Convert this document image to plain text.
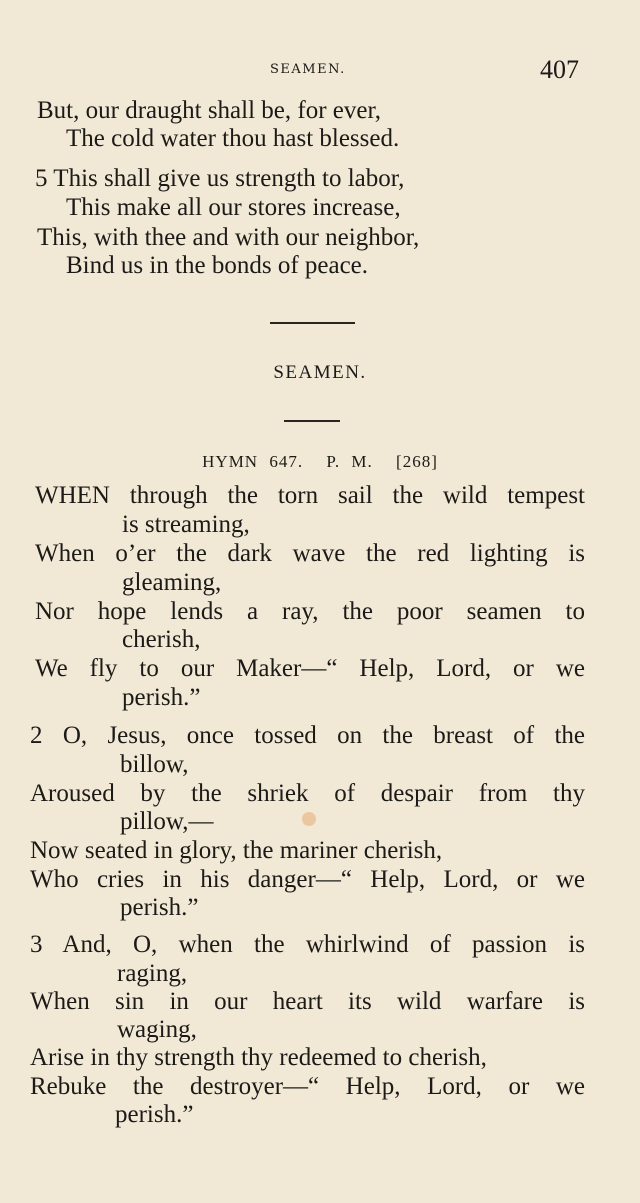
SEAMEN.	407
But, our draught shall be, for ever,
The cold water thou hast blessed.
5 This shall give us strength to labor,
This make all our stores increase,
This, with thee and with our neighbor,
Bind us in the bonds of peace.
SEAMEN.
HYMN 647. P. M. [268]
WHEN through the torn sail the wild tempest
is streaming,
When o’er the dark wave the red lighting is
gleaming,
Nor hope lends a ray, the poor seamen to
cherish,
We fly to our Maker—“ Help, Lord, or we
perish.”
2 O, Jesus, once tossed on the breast of the
billow,
Aroused by the shriek of despair from thy
pillow,—
Now seated in glory, the mariner cherish,
Who cries in his danger—“ Help, Lord, or we
perish.”
3 And, O, when the whirlwind of passion is
raging,
When sin in our heart its wild warfare is
waging,
Arise in thy strength thy redeemed to cherish,
Rebuke the destroyer—“ Help, Lord, or we
perish.”
